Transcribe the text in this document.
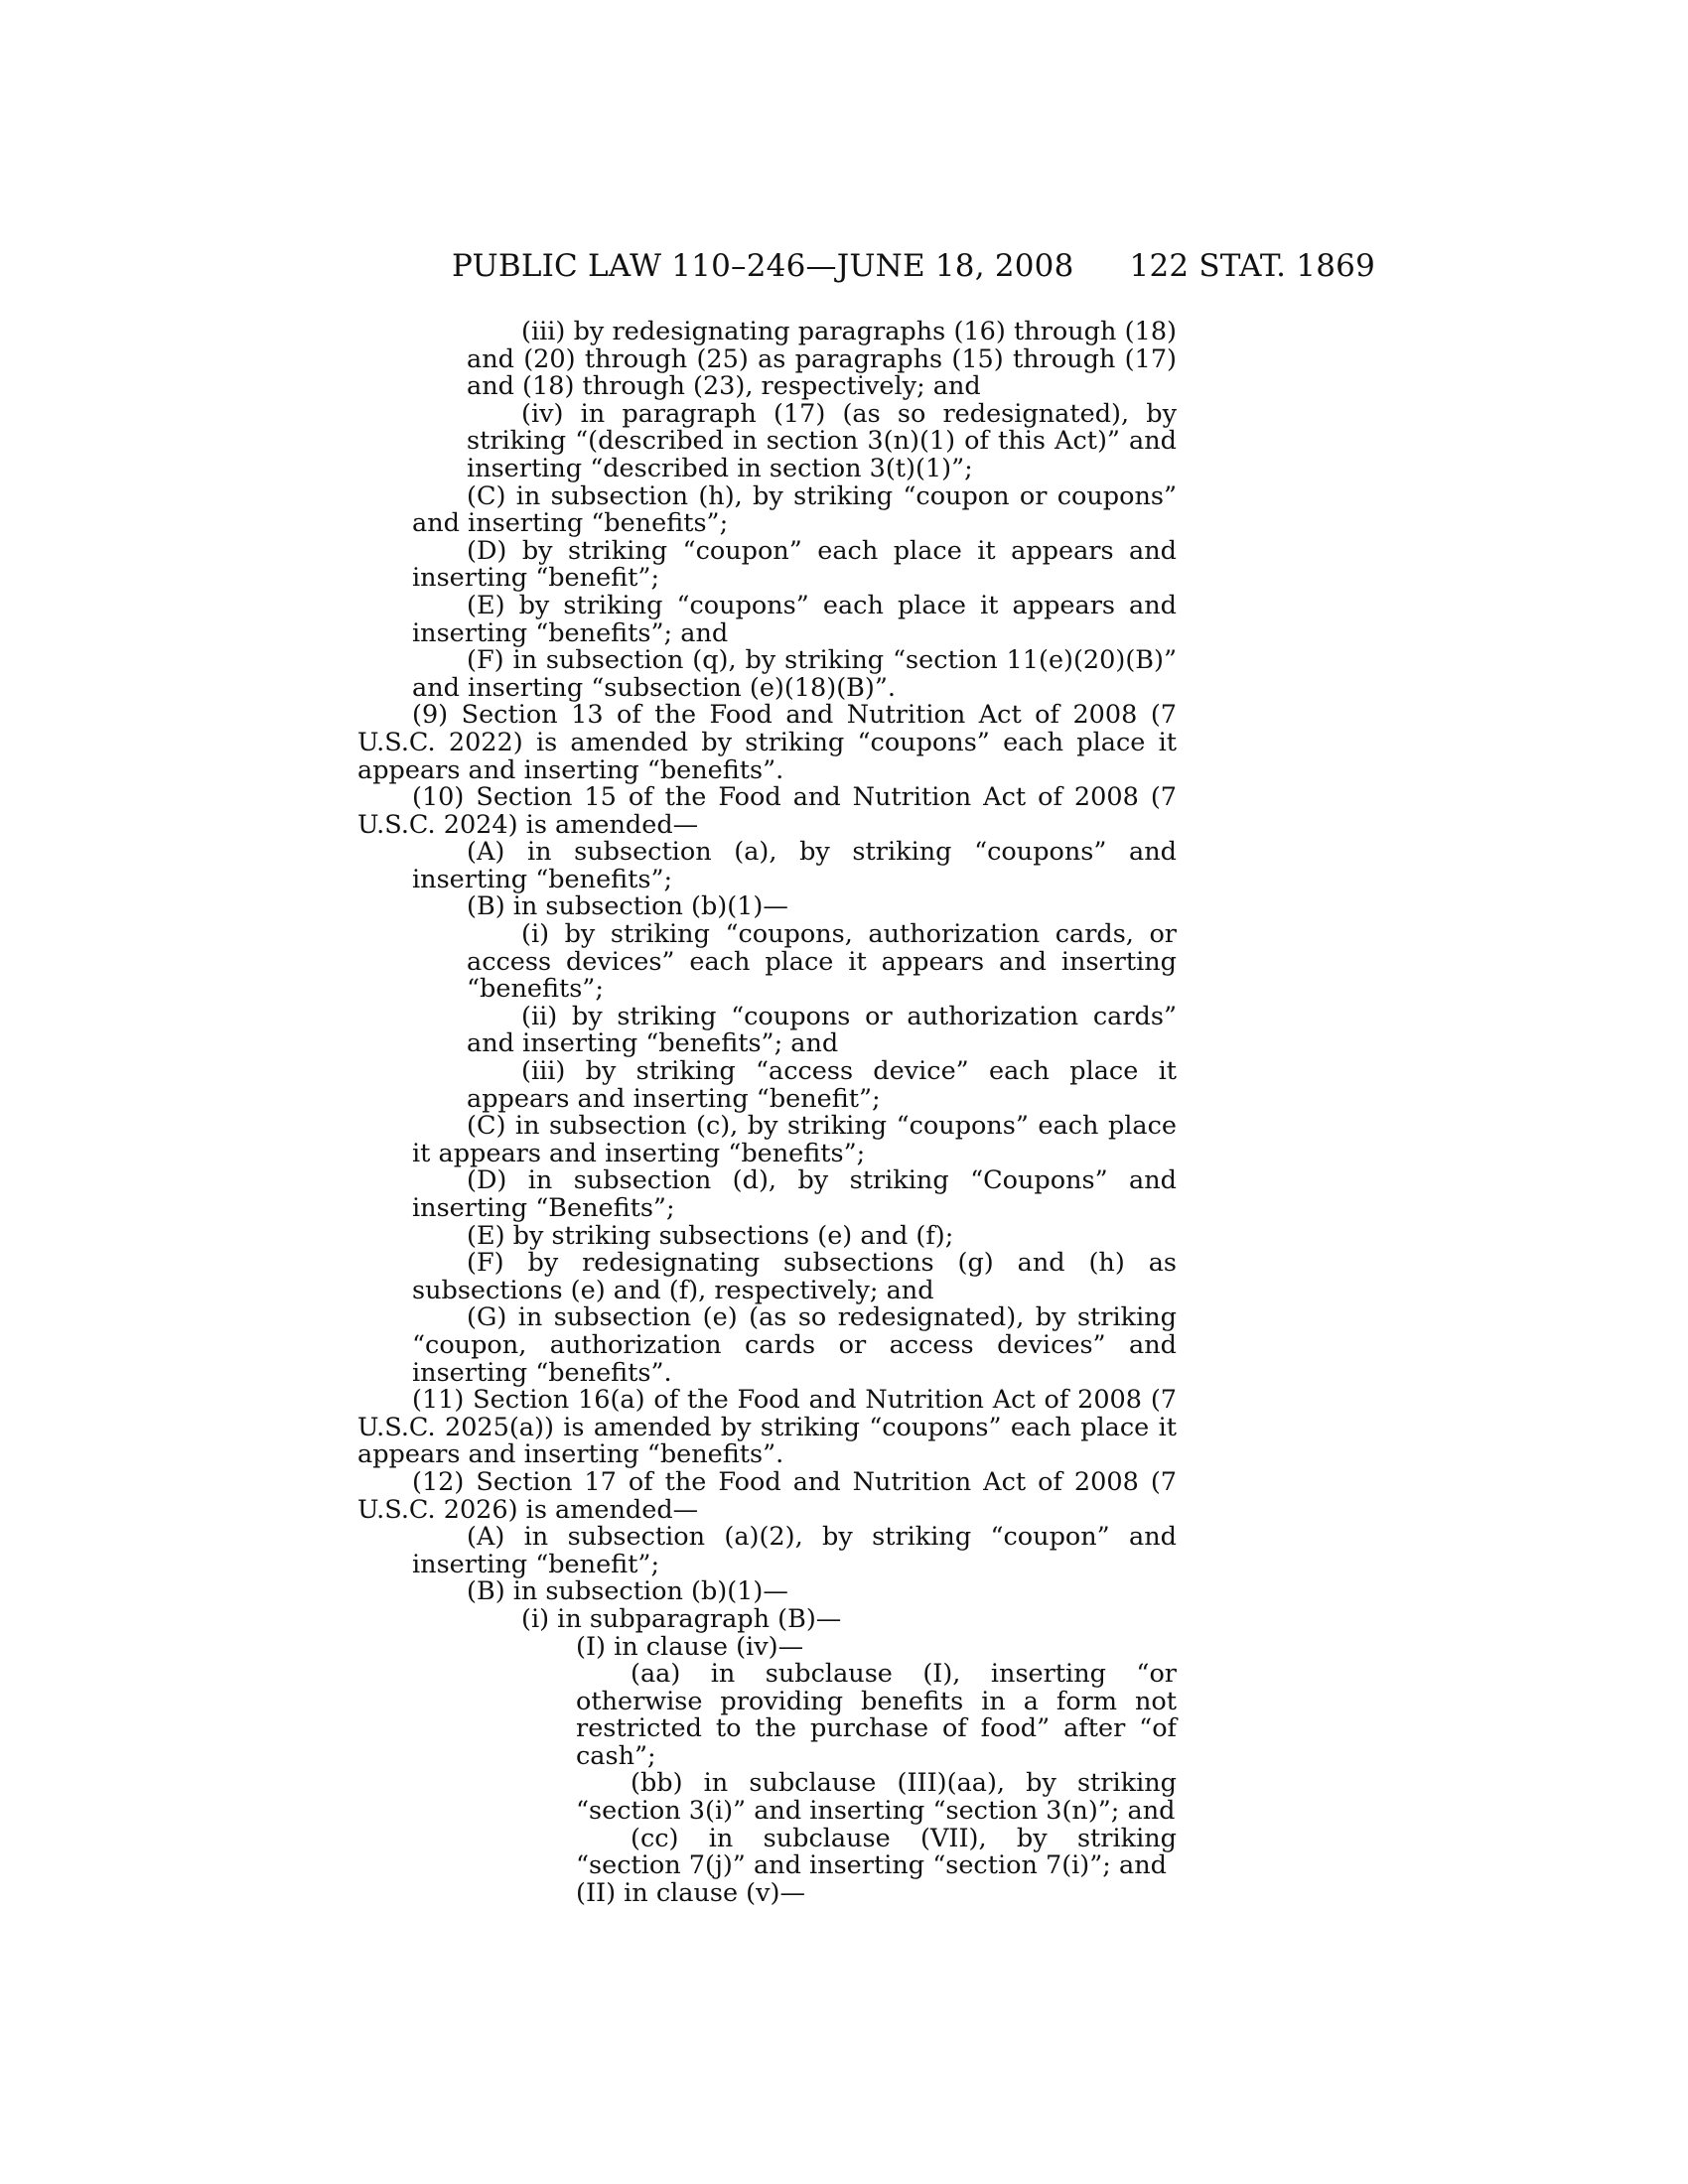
PUBLIC LAW 110–246—JUNE 18, 2008 122 STAT. 1869

(iii) by redesignating paragraphs (16) through (18) and (20) through (25) as paragraphs (15) through (17) and (18) through (23), respectively; and

(iv) in paragraph (17) (as so redesignated), by striking “(described in section 3(n)(1) of this Act)” and inserting “described in section 3(t)(1)”;

(C) in subsection (h), by striking “coupon or coupons” and inserting “benefits”;

(D) by striking “coupon” each place it appears and inserting “benefit”;

(E) by striking “coupons” each place it appears and inserting “benefits”; and

(F) in subsection (q), by striking “section 11(e)(20)(B)” and inserting “subsection (e)(18)(B)”.

(9) Section 13 of the Food and Nutrition Act of 2008 (7 U.S.C. 2022) is amended by striking “coupons” each place it appears and inserting “benefits”.

(10) Section 15 of the Food and Nutrition Act of 2008 (7 U.S.C. 2024) is amended—

(A) in subsection (a), by striking “coupons” and inserting “benefits”;

(B) in subsection (b)(1)—

(i) by striking “coupons, authorization cards, or access devices” each place it appears and inserting “benefits”;

(ii) by striking “coupons or authorization cards” and inserting “benefits”; and

(iii) by striking “access device” each place it appears and inserting “benefit”;

(C) in subsection (c), by striking “coupons” each place it appears and inserting “benefits”;

(D) in subsection (d), by striking “Coupons” and inserting “Benefits”;

(E) by striking subsections (e) and (f);

(F) by redesignating subsections (g) and (h) as subsections (e) and (f), respectively; and

(G) in subsection (e) (as so redesignated), by striking “coupon, authorization cards or access devices” and inserting “benefits”.

(11) Section 16(a) of the Food and Nutrition Act of 2008 (7 U.S.C. 2025(a)) is amended by striking “coupons” each place it appears and inserting “benefits”.

(12) Section 17 of the Food and Nutrition Act of 2008 (7 U.S.C. 2026) is amended—

(A) in subsection (a)(2), by striking “coupon” and inserting “benefit”;

(B) in subsection (b)(1)—

(i) in subparagraph (B)—

(I) in clause (iv)—

(aa) in subclause (I), inserting “or otherwise providing benefits in a form not restricted to the purchase of food” after “of cash”;

(bb) in subclause (III)(aa), by striking “section 3(i)” and inserting “section 3(n)”; and

(cc) in subclause (VII), by striking “section 7(j)” and inserting “section 7(i)”; and

(II) in clause (v)—
